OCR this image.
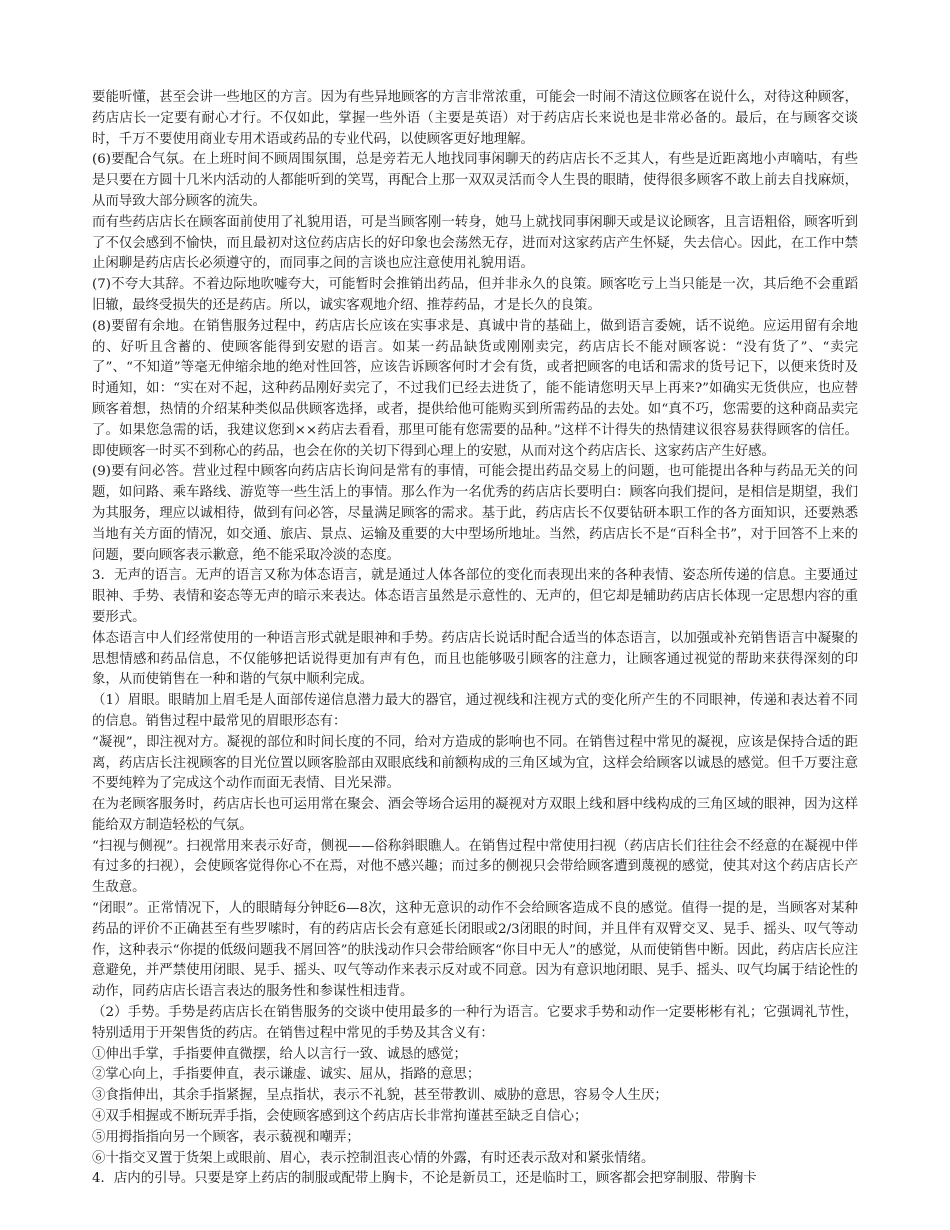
要能听懂，甚至会讲一些地区的方言。因为有些异地顾客的方言非常浓重，可能会一时闹不清这位顾客在说什么，对待这种顾客，药店店长一定要有耐心才行。不仅如此，掌握一些外语（主要是英语）对于药店店长来说也是非常必备的。最后，在与顾客交谈时，千万不要使用商业专用术语或药品的专业代码，以使顾客更好地理解。

(6)要配合气氛。在上班时间不顾周围氛围，总是旁若无人地找同事闲聊天的药店店长不乏其人，有些是近距离地小声嘀咕，有些是只要在方圆十几米内活动的人都能听到的笑骂，再配合上那一双双灵活而令人生畏的眼睛，使得很多顾客不敢上前去自找麻烦，从而导致大部分顾客的流失。

而有些药店店长在顾客面前使用了礼貌用语，可是当顾客刚一转身，她马上就找同事闲聊天或是议论顾客，且言语粗俗，顾客听到了不仅会感到不愉快，而且最初对这位药店店长的好印象也会荡然无存，进而对这家药店产生怀疑，失去信心。因此，在工作中禁止闲聊是药店店长必须遵守的，而同事之间的言谈也应注意使用礼貌用语。

(7)不夸大其辞。不着边际地吹嘘夸大，可能暂时会推销出药品，但并非永久的良策。顾客吃亏上当只能是一次，其后绝不会重蹈旧辙，最终受损失的还是药店。所以，诚实客观地介绍、推荐药品，才是长久的良策。

(8)要留有余地。在销售服务过程中，药店店长应该在实事求是、真诚中肯的基础上，做到语言委婉，话不说绝。应运用留有余地的、好听且含蓄的、使顾客能得到安慰的语言。如某一药品缺货或刚刚卖完，药店店长不能对顾客说：“没有货了”、“卖完了”、“不知道”等毫无伸缩余地的绝对性回答，应该告诉顾客何时才会有货，或者把顾客的电话和需求的货号记下，以便来货时及时通知，如：“实在对不起，这种药品刚好卖完了，不过我们已经去进货了，能不能请您明天早上再来?”如确实无货供应，也应替顾客着想，热情的介绍某种类似品供顾客选择，或者，提供给他可能购买到所需药品的去处。如“真不巧，您需要的这种商品卖完了。如果您急需的话，我建议您到××药店去看看，那里可能有您需要的品种。”这样不计得失的热情建议很容易获得顾客的信任。即使顾客一时买不到称心的药品，也会在你的关切下得到心理上的安慰，从而对这个药店店长、这家药店产生好感。

(9)要有问必答。营业过程中顾客向药店店长询问是常有的事情，可能会提出药品交易上的问题，也可能提出各种与药品无关的问题，如问路、乘车路线、游览等一些生活上的事情。那么作为一名优秀的药店店长要明白：顾客向我们提问，是相信是期望，我们为其服务，理应以诚相待，做到有问必答，尽量满足顾客的需求。基于此，药店店长不仅要钻研本职工作的各方面知识，还要熟悉当地有关方面的情况，如交通、旅店、景点、运输及重要的大中型场所地址。当然，药店店长不是“百科全书”，对于回答不上来的问题，要向顾客表示歉意，绝不能采取冷淡的态度。

3．无声的语言。无声的语言又称为体态语言，就是通过人体各部位的变化而表现出来的各种表情、姿态所传递的信息。主要通过眼神、手势、表情和姿态等无声的暗示来表达。体态语言虽然是示意性的、无声的，但它却是辅助药店店长体现一定思想内容的重要形式。

体态语言中人们经常使用的一种语言形式就是眼神和手势。药店店长说话时配合适当的体态语言，以加强或补充销售语言中凝聚的思想情感和药品信息，不仅能够把话说得更加有声有色，而且也能够吸引顾客的注意力，让顾客通过视觉的帮助来获得深刻的印象，从而使销售在一种和谐的气氛中顺利完成。

（1）眉眼。眼睛加上眉毛是人面部传递信息潜力最大的器官，通过视线和注视方式的变化所产生的不同眼神，传递和表达着不同的信息。销售过程中最常见的眉眼形态有：

“凝视”，即注视对方。凝视的部位和时间长度的不同，给对方造成的影响也不同。在销售过程中常见的凝视，应该是保持合适的距离，药店店长注视顾客的目光位置以顾客脸部由双眼底线和前额构成的三角区域为宜，这样会给顾客以诚恳的感觉。但千万要注意不要纯粹为了完成这个动作而面无表情、目光呆滞。

在为老顾客服务时，药店店长也可运用常在聚会、酒会等场合运用的凝视对方双眼上线和唇中线构成的三角区域的眼神，因为这样能给双方制造轻松的气氛。

“扫视与侧视”。扫视常用来表示好奇，侧视——俗称斜眼瞧人。在销售过程中常使用扫视（药店店长们往往会不经意的在凝视中伴有过多的扫视），会使顾客觉得你心不在焉，对他不感兴趣；而过多的侧视只会带给顾客遭到蔑视的感觉，使其对这个药店店长产生敌意。

“闭眼”。正常情况下，人的眼睛每分钟眨6—8次，这种无意识的动作不会给顾客造成不良的感觉。值得一提的是，当顾客对某种药品的评价不正确甚至有些罗嗦时，有的药店店长会有意延长闭眼或2/3闭眼的时间，并且伴有双臂交叉、晃手、摇头、叹气等动作，这种表示“你提的低级问题我不屑回答”的肤浅动作只会带给顾客“你目中无人”的感觉，从而使销售中断。因此，药店店长应注意避免，并严禁使用闭眼、晃手、摇头、叹气等动作来表示反对或不同意。因为有意识地闭眼、晃手、摇头、叹气均属于结论性的动作，同药店店长语言表达的服务性和参谋性相违背。

（2）手势。手势是药店店长在销售服务的交谈中使用最多的一种行为语言。它要求手势和动作一定要彬彬有礼；它强调礼节性，特别适用于开架售货的药店。在销售过程中常见的手势及其含义有：

①伸出手掌，手指要伸直微摆，给人以言行一致、诚恳的感觉；

②掌心向上，手指要伸直，表示谦虚、诚实、屈从，指路的意思；

③食指伸出，其余手指紧握，呈点指状，表示不礼貌，甚至带教训、威胁的意思，容易令人生厌；

④双手相握或不断玩弄手指，会使顾客感到这个药店店长非常拘谨甚至缺乏自信心；

⑤用拇指指向另一个顾客，表示藐视和嘲弄；

⑥十指交叉置于货架上或眼前、眉心，表示控制沮丧心情的外露，有时还表示敌对和紧张情绪。

4．店内的引导。只要是穿上药店的制服或配带上胸卡，不论是新员工，还是临时工，顾客都会把穿制服、带胸卡
